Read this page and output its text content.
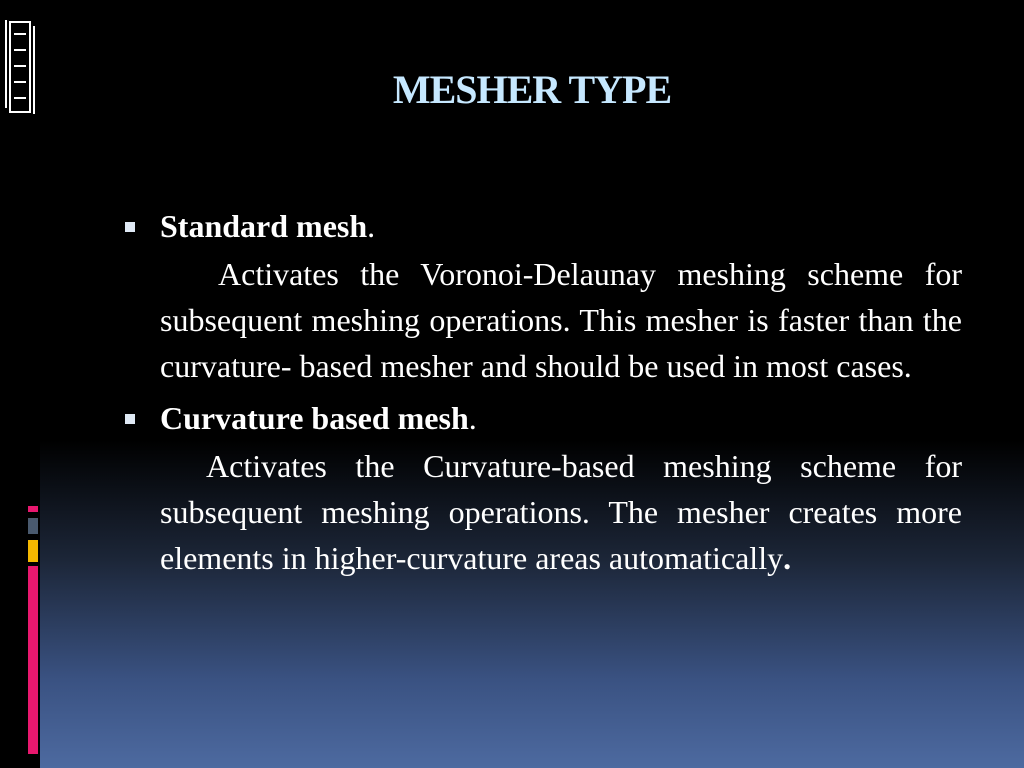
MESHER TYPE

Standard mesh.

Activates the Voronoi-Delaunay meshing scheme for subsequent meshing operations. This mesher is faster than the curvature- based mesher and should be used in most cases.

Curvature based mesh.

Activates the Curvature-based meshing scheme for subsequent meshing operations. The mesher creates more elements in higher-curvature areas automatically.
